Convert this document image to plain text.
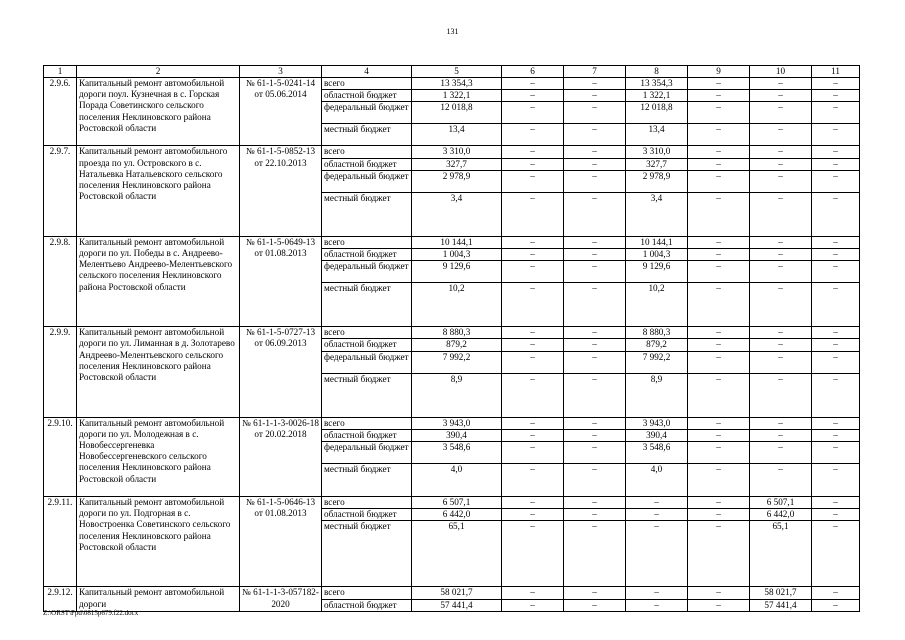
131
1	2	3	4	5	6	7	8	9	10	11
2.9.6.	Капитальный ремонт автомобильной дороги поул. Кузнечная в с. Горская Порада Советинского сельского поселения Неклиновского района Ростовской области	№ 61-1-5-0241-14 от 05.06.2014	всего	13 354,3	–	–	13 354,3	–	–	–
			областной бюджет	1 322,1	–	–	1 322,1	–	–	–
			федеральный бюджет	12 018,8	–	–	12 018,8	–	–	–
			местный бюджет	13,4	–	–	13,4	–	–	–
2.9.7.	Капитальный ремонт автомобильного проезда по ул. Островского в с. Натальевка Натальевского сельского поселения Неклиновского района Ростовской области	№ 61-1-5-0852-13 от 22.10.2013	всего	3 310,0	–	–	3 310,0	–	–	–
			областной бюджет	327,7	–	–	327,7	–	–	–
			федеральный бюджет	2 978,9	–	–	2 978,9	–	–	–
			местный бюджет	3,4	–	–	3,4	–	–	–
2.9.8.	Капитальный ремонт автомобильной дороги по ул. Победы в с. Андреево-Мелентьево Андреево-Мелентьевского сельского поселения Неклиновского района Ростовской области	№ 61-1-5-0649-13 от 01.08.2013	всего	10 144,1	–	–	10 144,1	–	–	–
			областной бюджет	1 004,3	–	–	1 004,3	–	–	–
			федеральный бюджет	9 129,6	–	–	9 129,6	–	–	–
			местный бюджет	10,2	–	–	10,2	–	–	–
2.9.9.	Капитальный ремонт автомобильной дороги по ул. Лиманная в д. Золотарево Андреево-Мелентьевского сельского поселения Неклиновского района Ростовской области	№ 61-1-5-0727-13 от 06.09.2013	всего	8 880,3	–	–	8 880,3	–	–	–
			областной бюджет	879,2	–	–	879,2	–	–	–
			федеральный бюджет	7 992,2	–	–	7 992,2	–	–	–
			местный бюджет	8,9	–	–	8,9	–	–	–
2.9.10.	Капитальный ремонт автомобильной дороги по ул. Молодежная в с. Новобессергеневка Новобессергеневского сельского поселения Неклиновского района Ростовской области	№ 61-1-1-3-0026-18 от 20.02.2018	всего	3 943,0	–	–	3 943,0	–	–	–
			областной бюджет	390,4	–	–	390,4	–	–	–
			федеральный бюджет	3 548,6	–	–	3 548,6	–	–	–
			местный бюджет	4,0	–	–	4,0	–	–	–
2.9.11.	Капитальный ремонт автомобильной дороги по ул. Подгорная в с. Новостроенка Советинского сельского поселения Неклиновского района Ростовской области	№ 61-1-5-0646-13 от 01.08.2013	всего	6 507,1	–	–	–	–	6 507,1	–
			областной бюджет	6 442,0	–	–	–	–	6 442,0	–
			местный бюджет	65,1	–	–	–	–	65,1	–
2.9.12.	Капитальный ремонт автомобильной дороги	№ 61-1-1-3-057182-2020	всего	58 021,7	–	–	–	–	58 021,7	–
			областной бюджет	57 441,4	–	–	–	–	57 441,4	–
Z:\ORST\Ppd\0815p679.f22.docx
